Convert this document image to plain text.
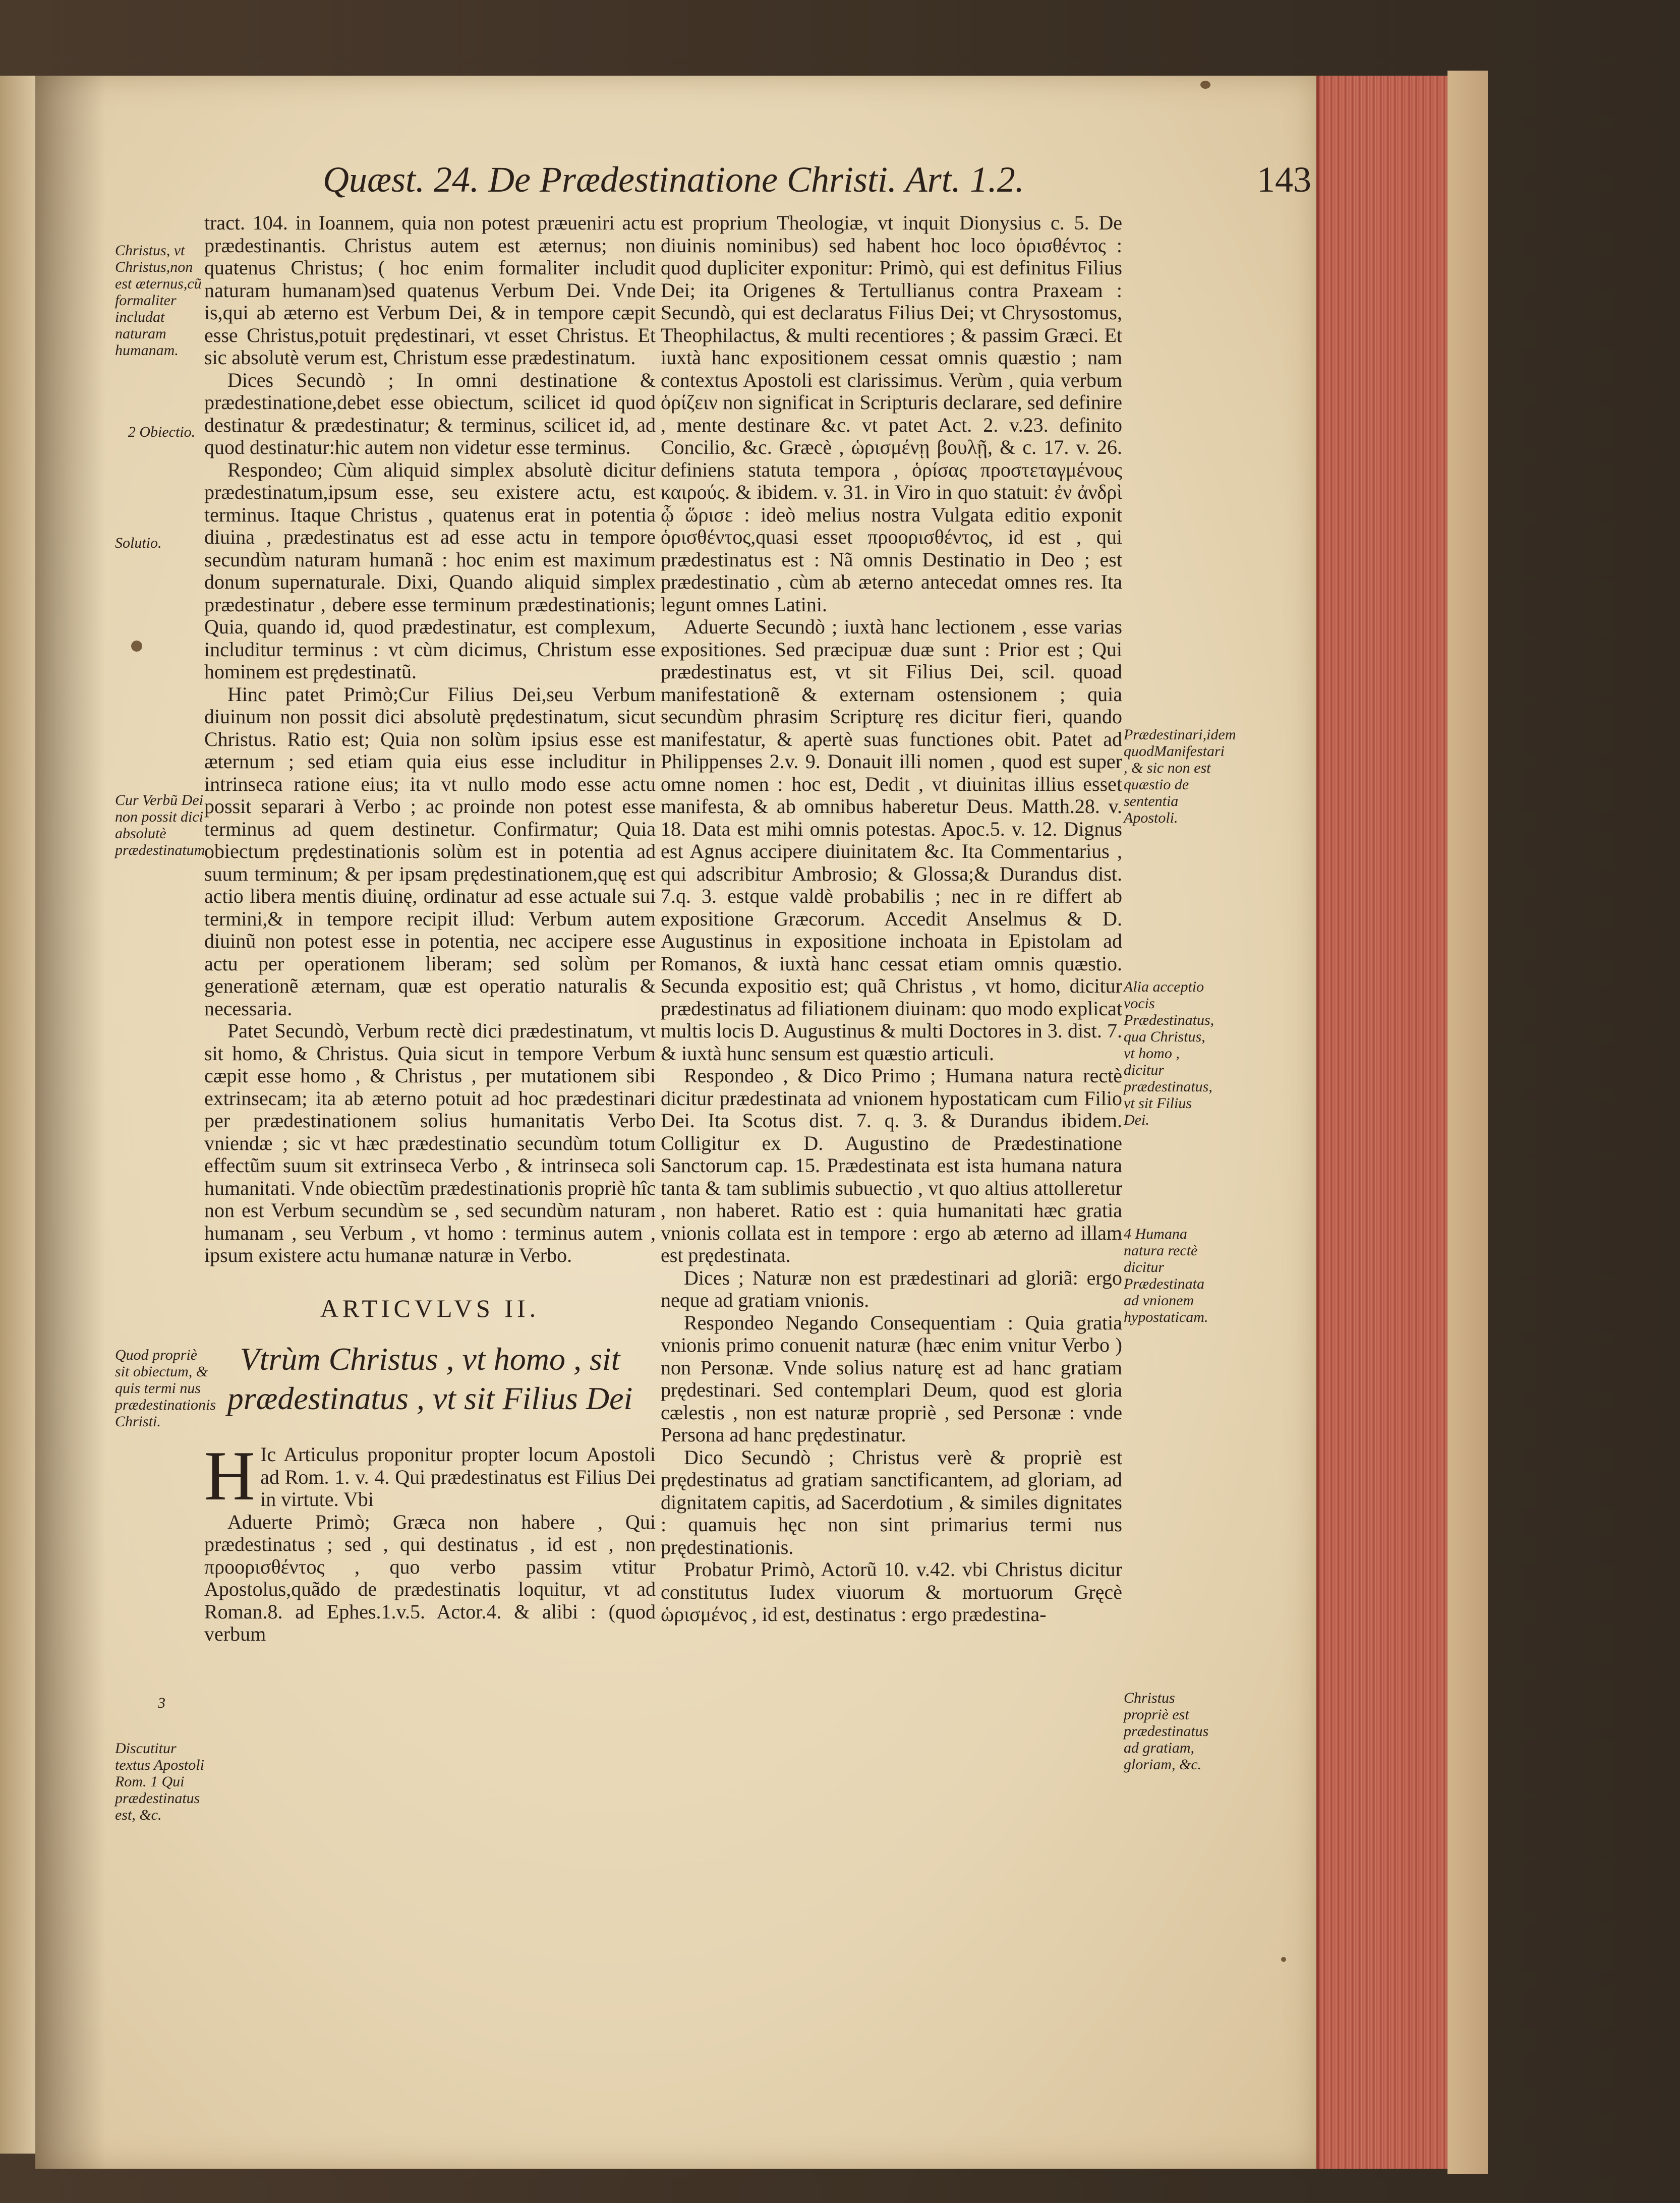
Quæst. 24. De Prædestinatione Christi. Art. 1.2.	143

tract. 104. in Ioannem, quia non potest præueniri actu prædestinantis. Christus autem est æternus; non quatenus Christus; ( hoc enim formaliter includit naturam humanam)sed quatenus Verbum Dei. Vnde is,qui ab æterno est Verbum Dei, & in tempore cæpit esse Christus,potuit prędestinari, vt esset Christus. Et sic absolutè verum est, Christum esse prædestinatum.

Dices Secundò ; In omni destinatione & prædestinatione,debet esse obiectum, scilicet id quod destinatur & prædestinatur; & terminus, scilicet id, ad quod destinatur:hic autem non videtur esse terminus.

Respondeo; Cùm aliquid simplex absolutè dicitur prædestinatum,ipsum esse, seu existere actu, est terminus. Itaque Christus , quatenus erat in potentia diuina , prædestinatus est ad esse actu in tempore secundùm naturam humanã : hoc enim est maximum donum supernaturale. Dixi, Quando aliquid simplex prædestinatur , debere esse terminum prædestinationis; Quia, quando id, quod prædestinatur, est complexum, includitur terminus : vt cùm dicimus, Christum esse hominem est prędestinatũ.

Hinc patet Primò;Cur Filius Dei,seu Verbum diuinum non possit dici absolutè prędestinatum, sicut Christus. Ratio est; Quia non solùm ipsius esse est æternum ; sed etiam quia eius esse includitur in intrinseca ratione eius; ita vt nullo modo esse actu possit separari à Verbo ; ac proinde non potest esse terminus ad quem destinetur. Confirmatur; Quia obiectum prędestinationis solùm est in potentia ad suum terminum; & per ipsam prędestinationem,quę est actio libera mentis diuinę, ordinatur ad esse actuale sui termini,& in tempore recipit illud: Verbum autem diuinũ non potest esse in potentia, nec accipere esse actu per operationem liberam; sed solùm per generationẽ æternam, quæ est operatio naturalis & necessaria.

Patet Secundò, Verbum rectè dici prædestinatum, vt sit homo, & Christus. Quia sicut in tempore Verbum cæpit esse homo , & Christus , per mutationem sibi extrinsecam; ita ab æterno potuit ad hoc prædestinari per prædestinationem solius humanitatis Verbo vniendæ ; sic vt hæc prædestinatio secundùm totum effectũm suum sit extrinseca Verbo , & intrinseca soli humanitati. Vnde obiectũm prædestinationis propriè hîc non est Verbum secundùm se , sed secundùm naturam humanam , seu Verbum , vt homo : terminus autem , ipsum existere actu humanæ naturæ in Verbo.

ARTICVLVS II.
Vtrùm Christus , vt homo , sit prædestinatus , vt sit Filius Dei

H Ic Articulus proponitur propter locum Apostoli ad Rom. 1. v. 4. Qui prædestinatus est Filius Dei in virtute. Vbi

Aduerte Primò; Græca non habere , Qui prædestinatus ; sed , qui destinatus , id est , non προορισθέντος , quo verbo passim vtitur Apostolus,quãdo de prædestinatis loquitur, vt ad Roman.8. ad Ephes.1.v.5. Actor.4. & alibi : (quod verbum

est proprium Theologiæ, vt inquit Dionysius c. 5. De diuinis nominibus) sed habent hoc loco ὁρισθέντος : quod dupliciter exponitur: Primò, qui est definitus Filius Dei; ita Origenes & Tertullianus contra Praxeam : Secundò, qui est declaratus Filius Dei; vt Chrysostomus, Theophilactus, & multi recentiores ; & passim Græci. Et iuxtà hanc expositionem cessat omnis quæstio ; nam contextus Apostoli est clarissimus. Verùm , quia verbum ὁρίζειν non significat in Scripturis declarare, sed definire , mente destinare &c. vt patet Act. 2. v.23. definito Concilio, &c. Græcè , ὡρισμένῃ βουλῇ, & c. 17. v. 26. definiens statuta tempora , ὁρίσας προστεταγμένους καιρούς. & ibidem. v. 31. in Viro in quo statuit: ἐν ἀνδρὶ ᾧ ὥρισε : ideò melius nostra Vulgata editio exponit ὁρισθέντος,quasi esset προορισθέντος, id est , qui prædestinatus est : Nã omnis Destinatio in Deo ; est prædestinatio , cùm ab æterno antecedat omnes res. Ita legunt omnes Latini.

Aduerte Secundò ; iuxtà hanc lectionem , esse varias expositiones. Sed præcipuæ duæ sunt : Prior est ; Qui prædestinatus est, vt sit Filius Dei, scil. quoad manifestationẽ & externam ostensionem ; quia secundùm phrasim Scripturę res dicitur fieri, quando manifestatur, & apertè suas functiones obit. Patet ad Philippenses 2.v. 9. Donauit illi nomen , quod est super omne nomen : hoc est, Dedit , vt diuinitas illius esset manifesta, & ab omnibus haberetur Deus. Matth.28. v. 18. Data est mihi omnis potestas. Apoc.5. v. 12. Dignus est Agnus accipere diuinitatem &c. Ita Commentarius , qui adscribitur Ambrosio; & Glossa;& Durandus dist. 7.q. 3. estque valdè probabilis ; nec in re differt ab expositione Græcorum. Accedit Anselmus & D. Augustinus in expositione inchoata in Epistolam ad Romanos, & iuxtà hanc cessat etiam omnis quæstio. Secunda expositio est; quã Christus , vt homo, dicitur prædestinatus ad filiationem diuinam: quo modo explicat multis locis D. Augustinus & multi Doctores in 3. dist. 7. & iuxtà hunc sensum est quæstio articuli.

Respondeo , & Dico Primo ; Humana natura rectè dicitur prædestinata ad vnionem hypostaticam cum Filio Dei. Ita Scotus dist. 7. q. 3. & Durandus ibidem. Colligitur ex D. Augustino de Prædestinatione Sanctorum cap. 15. Prædestinata est ista humana natura tanta & tam sublimis subuectio , vt quo altius attolleretur , non haberet. Ratio est : quia humanitati hæc gratia vnionis collata est in tempore : ergo ab æterno ad illam est prędestinata.

Dices ; Naturæ non est prædestinari ad gloriã: ergo neque ad gratiam vnionis.

Respondeo Negando Consequentiam : Quia gratia vnionis primo conuenit naturæ (hæc enim vnitur Verbo ) non Personæ. Vnde solius naturę est ad hanc gratiam prędestinari. Sed contemplari Deum, quod est gloria cælestis , non est naturæ propriè , sed Personæ : vnde Persona ad hanc prędestinatur.

Dico Secundò ; Christus verè & propriè est prędestinatus ad gratiam sanctificantem, ad gloriam, ad dignitatem capitis, ad Sacerdotium , & similes dignitates : quamuis hęc non sint primarius termi nus prędestinationis.

Probatur Primò, Actorũ 10. v.42. vbi Christus dicitur constitutus Iudex viuorum & mortuorum Gręcè ὡρισμένος , id est, destinatus : ergo prædestina-

Christus, vt Christus,non est æternus,cũ formaliter includat naturam humanam.
2 Obiectio.
Solutio.
Cur Verbũ Dei non possit dici absolutè prædestinatum.
Quod propriè sit obiectum, & quis termi nus prædestinationis Christi.
3
Discutitur textus Apostoli Rom. 1 Qui prædestinatus est, &c.
Prædestinari,idem quodManifestari , & sic non est quæstio de sententia Apostoli.
Alia acceptio vocis Prædestinatus, qua Christus, vt homo , dicitur prædestinatus, vt sit Filius Dei.
4 Humana natura rectè dicitur Prædestinata ad vnionem hypostaticam.
Christus propriè est prædestinatus ad gratiam, gloriam, &c.
